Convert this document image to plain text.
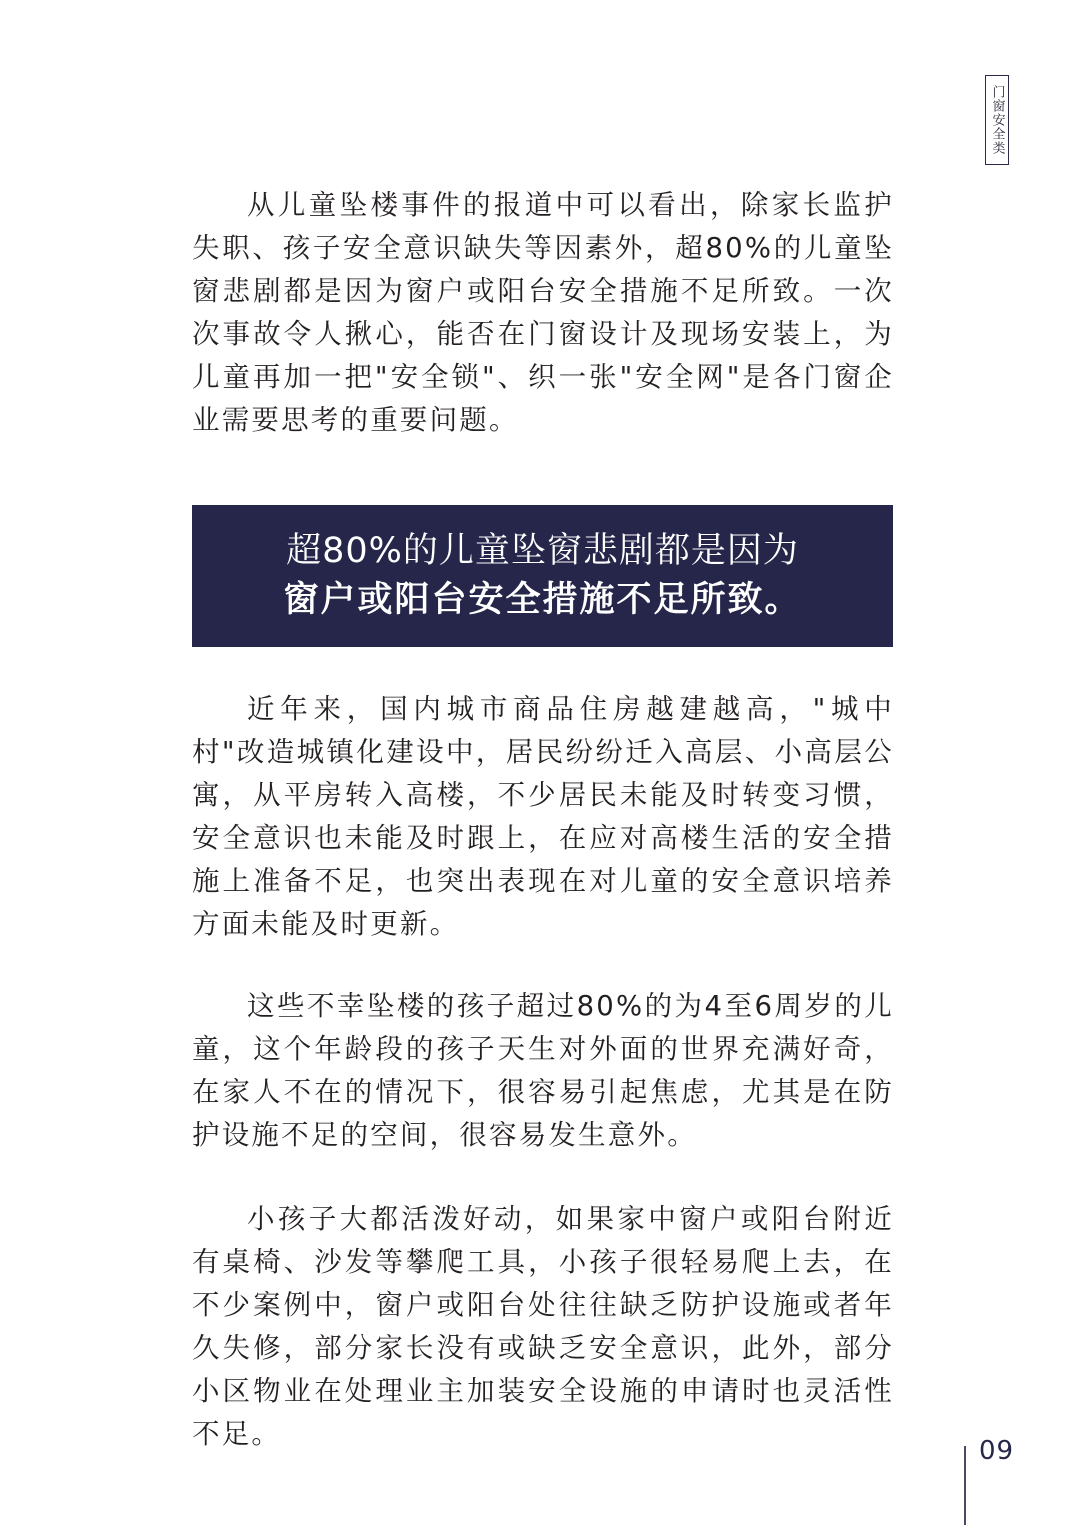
门窗安全类

从儿童坠楼事件的报道中可以看出，除家长监护失职、孩子安全意识缺失等因素外，超80%的儿童坠窗悲剧都是因为窗户或阳台安全措施不足所致。一次次事故令人揪心，能否在门窗设计及现场安装上，为儿童再加一把"安全锁"、织一张"安全网"是各门窗企业需要思考的重要问题。

超80%的儿童坠窗悲剧都是因为
窗户或阳台安全措施不足所致。

近年来，国内城市商品住房越建越高，"城中村"改造城镇化建设中，居民纷纷迁入高层、小高层公寓，从平房转入高楼，不少居民未能及时转变习惯，安全意识也未能及时跟上，在应对高楼生活的安全措施上准备不足，也突出表现在对儿童的安全意识培养方面未能及时更新。

这些不幸坠楼的孩子超过80%的为4至6周岁的儿童，这个年龄段的孩子天生对外面的世界充满好奇，在家人不在的情况下，很容易引起焦虑，尤其是在防护设施不足的空间，很容易发生意外。

小孩子大都活泼好动，如果家中窗户或阳台附近有桌椅、沙发等攀爬工具，小孩子很轻易爬上去，在不少案例中，窗户或阳台处往往缺乏防护设施或者年久失修，部分家长没有或缺乏安全意识，此外，部分小区物业在处理业主加装安全设施的申请时也灵活性不足。

09
